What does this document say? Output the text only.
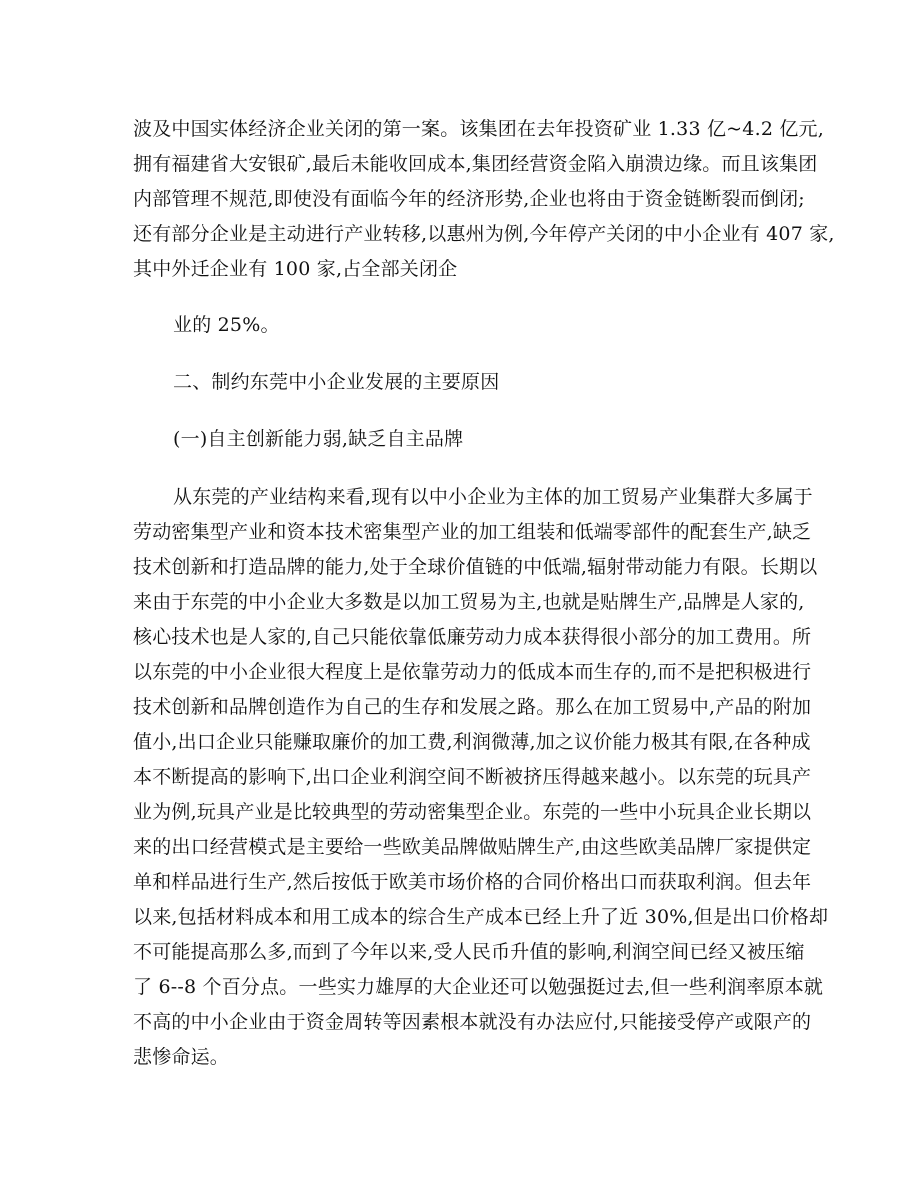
波及中国实体经济企业关闭的第一案。该集团在去年投资矿业 1.33 亿~4.2 亿元,
拥有福建省大安银矿,最后未能收回成本,集团经营资金陷入崩溃边缘。而且该集团
内部管理不规范,即使没有面临今年的经济形势,企业也将由于资金链断裂而倒闭;
还有部分企业是主动进行产业转移,以惠州为例,今年停产关闭的中小企业有 407 家,
其中外迁企业有 100 家,占全部关闭企
业的 25%。
二、制约东莞中小企业发展的主要原因
(一)自主创新能力弱,缺乏自主品牌
从东莞的产业结构来看,现有以中小企业为主体的加工贸易产业集群大多属于
劳动密集型产业和资本技术密集型产业的加工组装和低端零部件的配套生产,缺乏
技术创新和打造品牌的能力,处于全球价值链的中低端,辐射带动能力有限。长期以
来由于东莞的中小企业大多数是以加工贸易为主,也就是贴牌生产,品牌是人家的,
核心技术也是人家的,自己只能依靠低廉劳动力成本获得很小部分的加工费用。所
以东莞的中小企业很大程度上是依靠劳动力的低成本而生存的,而不是把积极进行
技术创新和品牌创造作为自己的生存和发展之路。那么在加工贸易中,产品的附加
值小,出口企业只能赚取廉价的加工费,利润微薄,加之议价能力极其有限,在各种成
本不断提高的影响下,出口企业利润空间不断被挤压得越来越小。以东莞的玩具产
业为例,玩具产业是比较典型的劳动密集型企业。东莞的一些中小玩具企业长期以
来的出口经营模式是主要给一些欧美品牌做贴牌生产,由这些欧美品牌厂家提供定
单和样品进行生产,然后按低于欧美市场价格的合同价格出口而获取利润。但去年
以来,包括材料成本和用工成本的综合生产成本已经上升了近 30%,但是出口价格却
不可能提高那么多,而到了今年以来,受人民币升值的影响,利润空间已经又被压缩
了 6--8 个百分点。一些实力雄厚的大企业还可以勉强挺过去,但一些利润率原本就
不高的中小企业由于资金周转等因素根本就没有办法应付,只能接受停产或限产的
悲惨命运。
